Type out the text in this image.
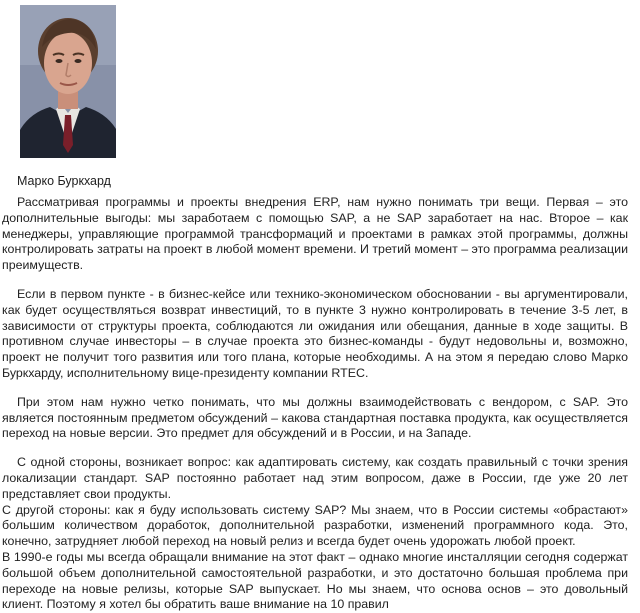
Марко Буркхард

Рассматривая программы и проекты внедрения ERP, нам нужно понимать три вещи. Первая – это дополнительные выгоды: мы заработаем с помощью SAP, а не SAP заработает на нас. Второе – как менеджеры, управляющие программой трансформаций и проектами в рамках этой программы, должны контролировать затраты на проект в любой момент времени. И третий момент – это программа реализации преимуществ.

Если в первом пункте - в бизнес-кейсе или технико-экономическом обосновании - вы аргументировали, как будет осуществляться возврат инвестиций, то в пункте 3 нужно контролировать в течение 3-5 лет, в зависимости от структуры проекта, соблюдаются ли ожидания или обещания, данные в ходе защиты. В противном случае инвесторы – в случае проекта это бизнес-команды - будут недовольны и, возможно, проект не получит того развития или того плана, которые необходимы. А на этом я передаю слово Марко Буркхарду, исполнительному вице-президенту компании RTEC.

При этом нам нужно четко понимать, что мы должны взаимодействовать с вендором, с SAP. Это является постоянным предметом обсуждений – какова стандартная поставка продукта, как осуществляется переход на новые версии. Это предмет для обсуждений и в России, и на Западе.

С одной стороны, возникает вопрос: как адаптировать систему, как создать правильный с точки зрения локализации стандарт. SAP постоянно работает над этим вопросом, даже в России, где уже 20 лет представляет свои продукты.

С другой стороны: как я буду использовать систему SAP? Мы знаем, что в России системы «обрастают» большим количеством доработок, дополнительной разработки, изменений программного кода. Это, конечно, затрудняет любой переход на новый релиз и всегда будет очень удорожать любой проект.

В 1990-е годы мы всегда обращали внимание на этот факт – однако многие инсталляции сегодня содержат большой объем дополнительной самостоятельной разработки, и это достаточно большая проблема при переходе на новые релизы, которые SAP выпускает. Но мы знаем, что основа основ – это довольный клиент. Поэтому я хотел бы обратить ваше внимание на 10 правил
